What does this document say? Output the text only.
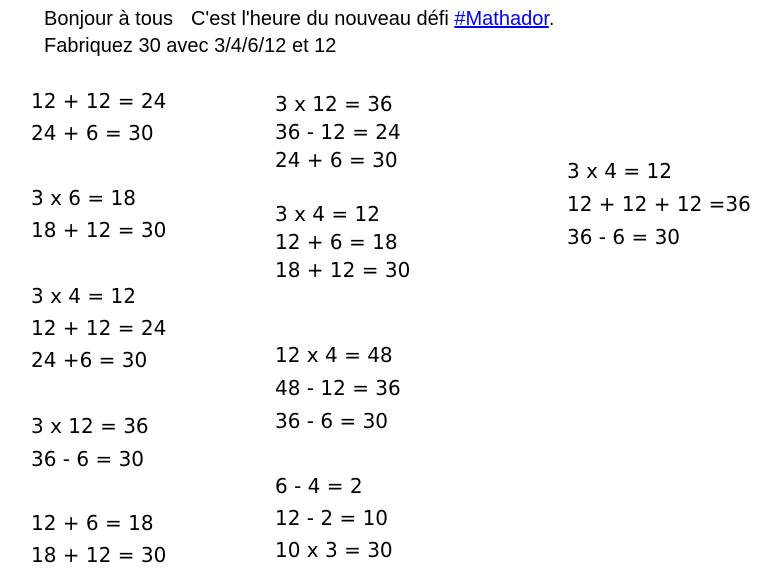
Bonjour à tous C'est l'heure du nouveau défi #Mathador.
Fabriquez 30 avec 3/4/6/12 et 12
12 + 12 = 24
24 + 6 = 30
3 x 6 = 18
18 + 12 = 30
3 x 4 = 12
12 + 12 = 24
24 +6 = 30
3 x 12 = 36
36 - 6 = 30
12 + 6 = 18
18 + 12 = 30
3 x 12 = 36
36 - 12 = 24
24 + 6 = 30
3 x 4 = 12
12 + 6 = 18
18 + 12 = 30
12 x 4 = 48
48 - 12 = 36
36 - 6 = 30
6 - 4 = 2
12 - 2 = 10
10 x 3 = 30
3 x 4 = 12
12 + 12 + 12 =36
36 - 6 = 30
